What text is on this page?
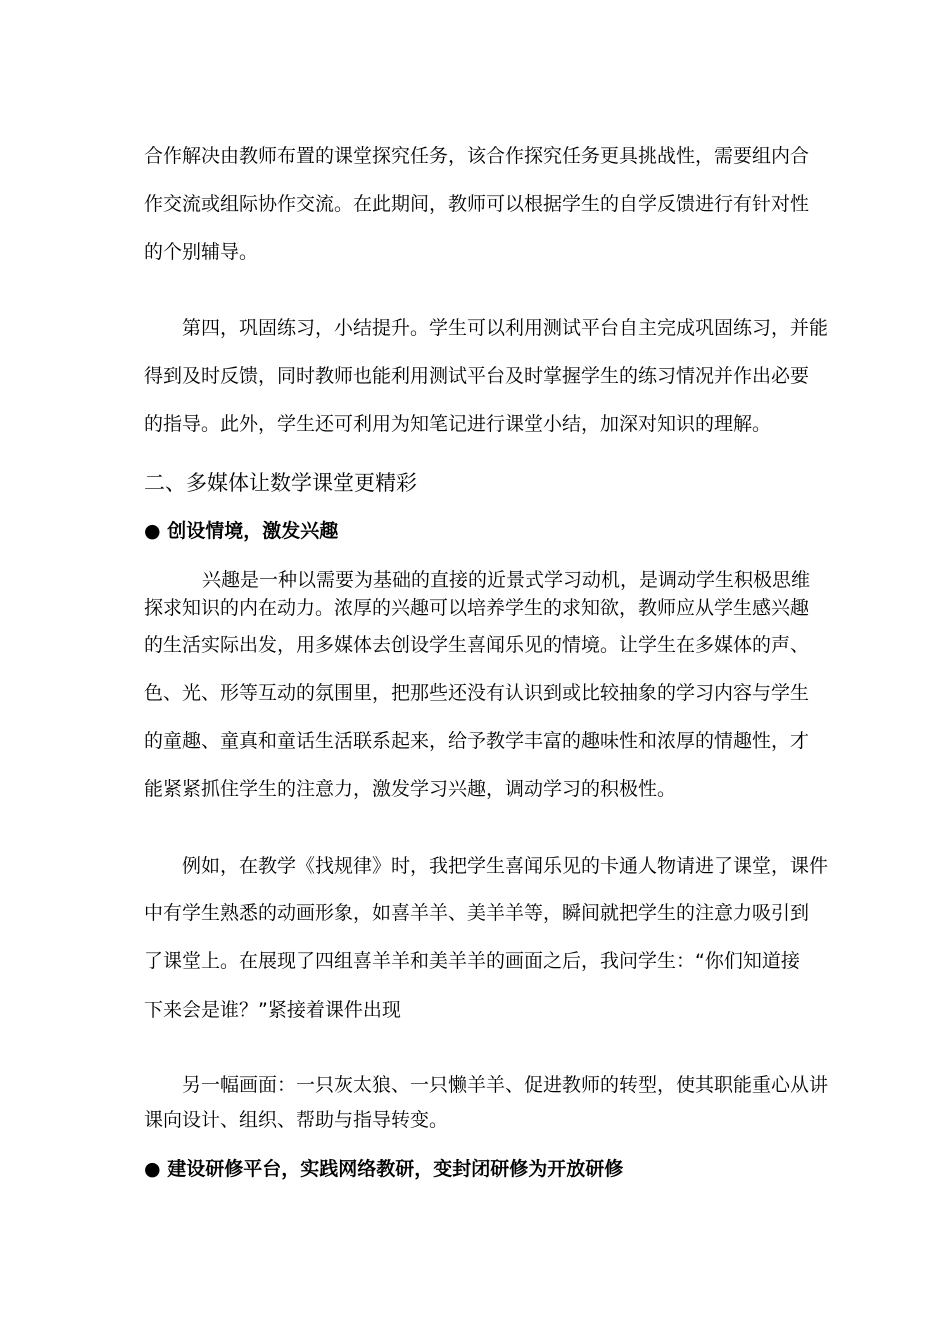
合作解决由教师布置的课堂探究任务，该合作探究任务更具挑战性，需要组内合
作交流或组际协作交流。在此期间，教师可以根据学生的自学反馈进行有针对性
的个别辅导。
第四，巩固练习，小结提升。学生可以利用测试平台自主完成巩固练习，并能
得到及时反馈，同时教师也能利用测试平台及时掌握学生的练习情况并作出必要
的指导。此外，学生还可利用为知笔记进行课堂小结，加深对知识的理解。
二、多媒体让数学课堂更精彩
● 创设情境，激发兴趣
兴趣是一种以需要为基础的直接的近景式学习动机，是调动学生积极思维
探求知识的内在动力。浓厚的兴趣可以培养学生的求知欲，教师应从学生感兴趣
的生活实际出发，用多媒体去创设学生喜闻乐见的情境。让学生在多媒体的声、
色、光、形等互动的氛围里，把那些还没有认识到或比较抽象的学习内容与学生
的童趣、童真和童话生活联系起来，给予教学丰富的趣味性和浓厚的情趣性，才
能紧紧抓住学生的注意力，激发学习兴趣，调动学习的积极性。
例如，在教学《找规律》时，我把学生喜闻乐见的卡通人物请进了课堂，课件
中有学生熟悉的动画形象，如喜羊羊、美羊羊等，瞬间就把学生的注意力吸引到
了课堂上。在展现了四组喜羊羊和美羊羊的画面之后，我问学生：“你们知道接
下来会是谁？”紧接着课件出现
另一幅画面：一只灰太狼、一只懒羊羊、促进教师的转型，使其职能重心从讲
课向设计、组织、帮助与指导转变。
● 建设研修平台，实践网络教研，变封闭研修为开放研修
